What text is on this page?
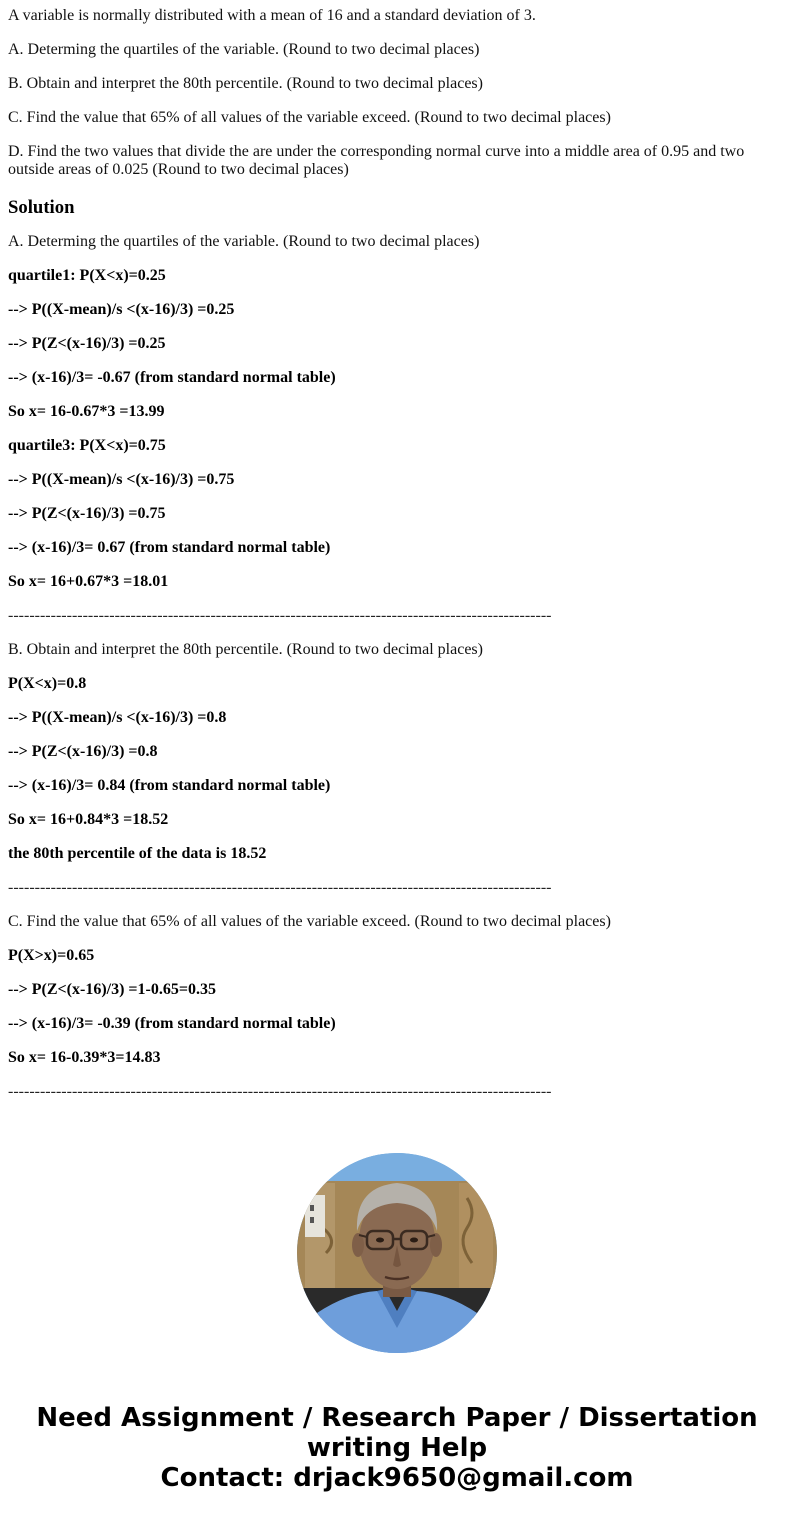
A variable is normally distributed with a mean of 16 and a standard deviation of 3.

A. Determing the quartiles of the variable. (Round to two decimal places)

B. Obtain and interpret the 80th percentile. (Round to two decimal places)

C. Find the value that 65% of all values of the variable exceed. (Round to two decimal places)

D. Find the two values that divide the are under the corresponding normal curve into a middle area of 0.95 and two outside areas of 0.025 (Round to two decimal places)

Solution

A. Determing the quartiles of the variable. (Round to two decimal places)

quartile1: P(X<x)=0.25

--> P((X-mean)/s <(x-16)/3) =0.25

--> P(Z<(x-16)/3) =0.25

--> (x-16)/3= -0.67 (from standard normal table)

So x= 16-0.67*3 =13.99

quartile3: P(X<x)=0.75

--> P((X-mean)/s <(x-16)/3) =0.75

--> P(Z<(x-16)/3) =0.75

--> (x-16)/3= 0.67 (from standard normal table)

So x= 16+0.67*3 =18.01

------------------------------------------------------------------------------------------------------

B. Obtain and interpret the 80th percentile. (Round to two decimal places)

P(X<x)=0.8

--> P((X-mean)/s <(x-16)/3) =0.8

--> P(Z<(x-16)/3) =0.8

--> (x-16)/3= 0.84 (from standard normal table)

So x= 16+0.84*3 =18.52

the 80th percentile of the data is 18.52

------------------------------------------------------------------------------------------------------

C. Find the value that 65% of all values of the variable exceed. (Round to two decimal places)

P(X>x)=0.65

--> P(Z<(x-16)/3) =1-0.65=0.35

--> (x-16)/3= -0.39 (from standard normal table)

So x= 16-0.39*3=14.83

------------------------------------------------------------------------------------------------------

Need Assignment / Research Paper / Dissertation
writing Help
Contact: drjack9650@gmail.com
